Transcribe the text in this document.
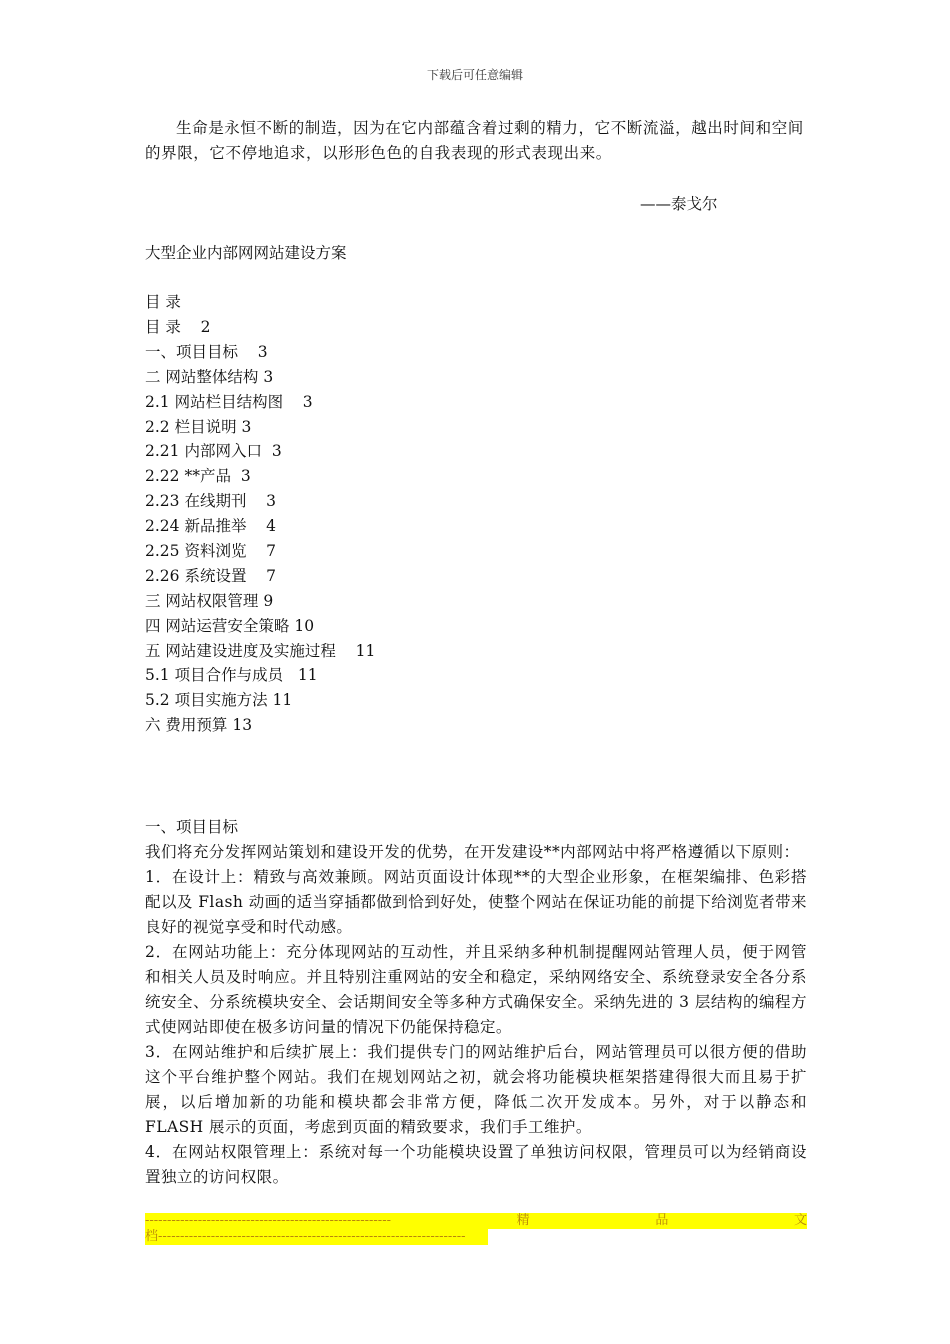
下载后可任意编辑

生命是永恒不断的制造，因为在它内部蕴含着过剩的精力，它不断流溢，越出时间和空间的界限，它不停地追求，以形形色色的自我表现的形式表现出来。

——泰戈尔

大型企业内部网网站建设方案

目 录

目 录 2
一、项目目标 3
二 网站整体结构 3
2.1 网站栏目结构图 3
2.2 栏目说明 3
2.21 内部网入口 3
2.22 **产品 3
2.23 在线期刊 3
2.24 新品推举 4
2.25 资料浏览 7
2.26 系统设置 7
三 网站权限管理 9
四 网站运营安全策略 10
五 网站建设进度及实施过程 11
5.1 项目合作与成员 11
5.2 项目实施方法 11
六 费用预算 13
一、项目目标

我们将充分发挥网站策划和建设开发的优势，在开发建设**内部网站中将严格遵循以下原则：

1．在设计上：精致与高效兼顾。网站页面设计体现**的大型企业形象，在框架编排、色彩搭配以及 Flash 动画的适当穿插都做到恰到好处，使整个网站在保证功能的前提下给浏览者带来良好的视觉享受和时代动感。

2．在网站功能上：充分体现网站的互动性，并且采纳多种机制提醒网站管理人员，便于网管和相关人员及时响应。并且特别注重网站的安全和稳定，采纳网络安全、系统登录安全各分系统安全、分系统模块安全、会话期间安全等多种方式确保安全。采纳先进的 3 层结构的编程方式使网站即使在极多访问量的情况下仍能保持稳定。

3．在网站维护和后续扩展上：我们提供专门的网站维护后台，网站管理员可以很方便的借助这个平台维护整个网站。我们在规划网站之初，就会将功能模块框架搭建得很大而且易于扩展，以后增加新的功能和模块都会非常方便，降低二次开发成本。另外，对于以静态和 FLASH 展示的页面，考虑到页面的精致要求，我们手工维护。

4．在网站权限管理上：系统对每一个功能模块设置了单独访问权限，管理员可以为经销商设置独立的访问权限。

--------------------------------------------------------	精	品	文
档----------------------------------------------------------------------
